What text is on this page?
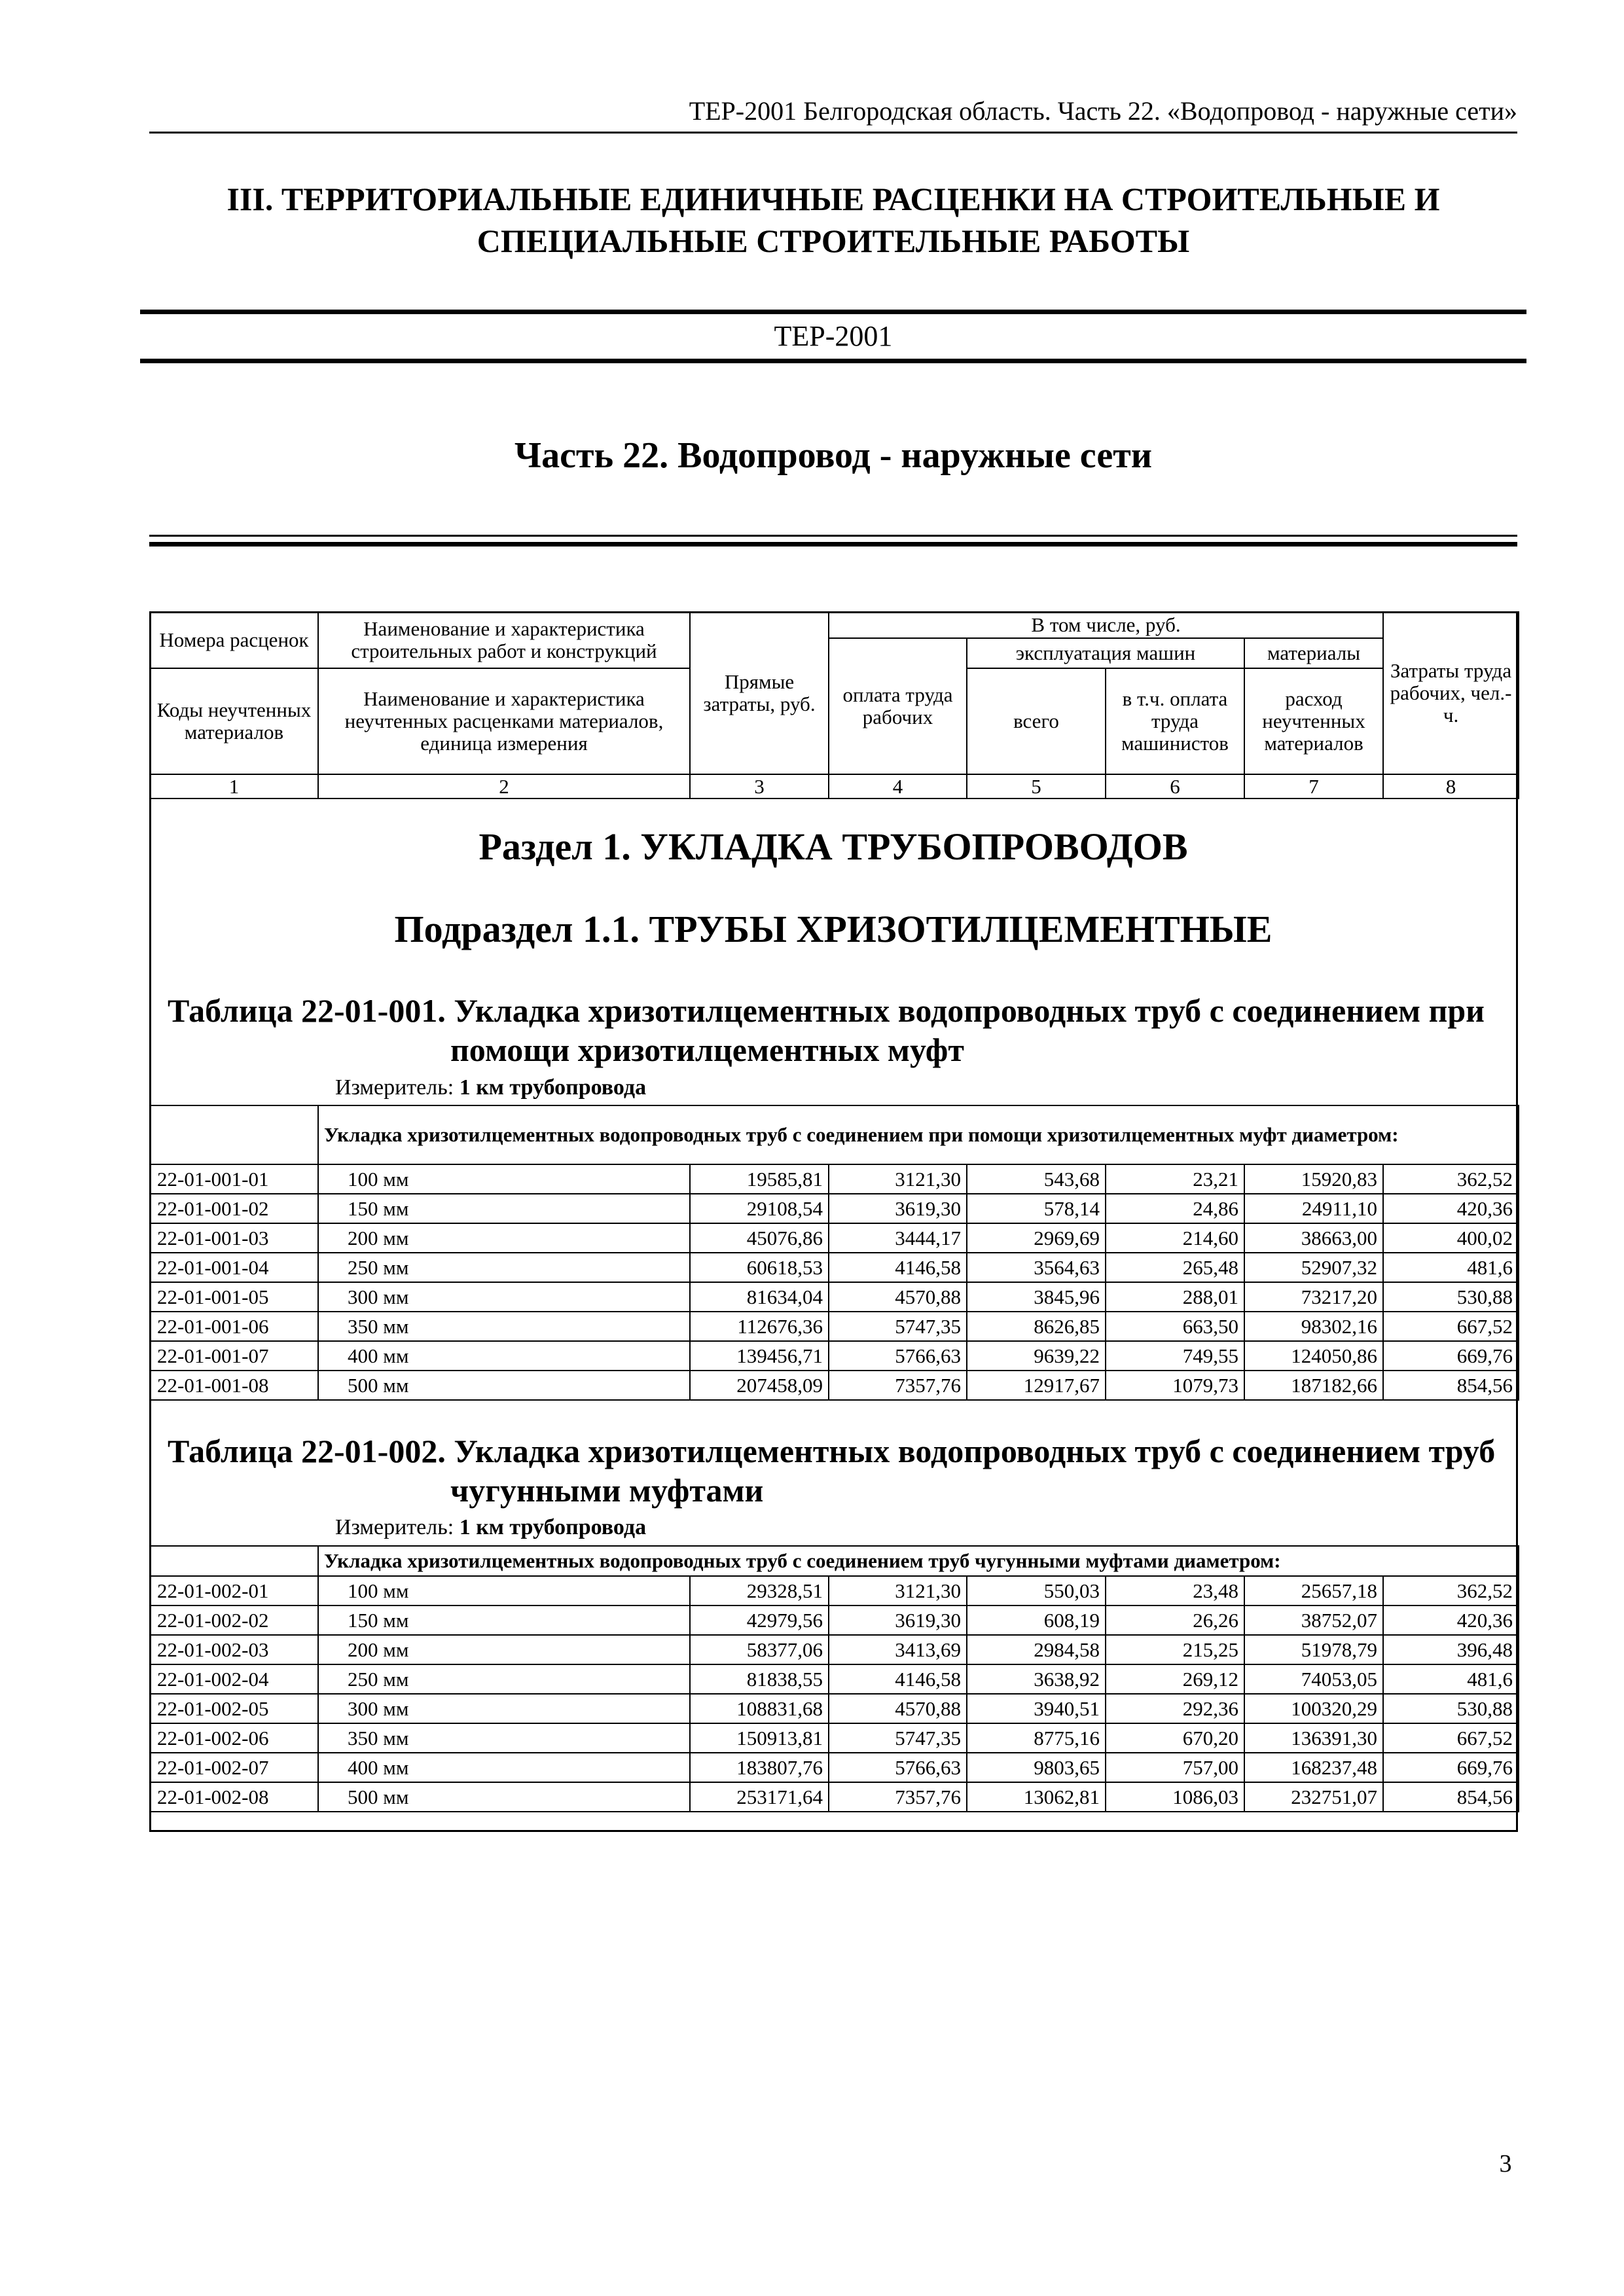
ТЕР-2001 Белгородская область. Часть 22. «Водопровод - наружные сети»
III. ТЕРРИТОРИАЛЬНЫЕ ЕДИНИЧНЫЕ РАСЦЕНКИ НА СТРОИТЕЛЬНЫЕ И
СПЕЦИАЛЬНЫЕ СТРОИТЕЛЬНЫЕ РАБОТЫ
ТЕР-2001
Часть 22. Водопровод - наружные сети
Номера расценок	Наименование и характеристика строительных работ и конструкций	Прямые затраты, руб.	В том числе, руб.				Затраты труда рабочих, чел.-ч.
			оплата труда рабочих	эксплуатация машин		материалы	
Коды неучтенных материалов	Наименование и характеристика неучтенных расценками материалов, единица измерения			всего	в т.ч. оплата труда машинистов	расход неучтенных материалов	
1	2	3	4	5	6	7	8
Раздел 1. УКЛАДКА ТРУБОПРОВОДОВ
Подраздел 1.1. ТРУБЫ ХРИЗОТИЛЦЕМЕНТНЫЕ
Таблица 22-01-001. Укладка хризотилцементных водопроводных труб с соединением при
помощи хризотилцементных муфт
Измеритель: 1 км трубопровода
	Укладка хризотилцементных водопроводных труб с соединением при помощи хризотилцементных муфт диаметром:						
22-01-001-01	100 мм	19585,81	3121,30	543,68	23,21	15920,83	362,52
22-01-001-02	150 мм	29108,54	3619,30	578,14	24,86	24911,10	420,36
22-01-001-03	200 мм	45076,86	3444,17	2969,69	214,60	38663,00	400,02
22-01-001-04	250 мм	60618,53	4146,58	3564,63	265,48	52907,32	481,6
22-01-001-05	300 мм	81634,04	4570,88	3845,96	288,01	73217,20	530,88
22-01-001-06	350 мм	112676,36	5747,35	8626,85	663,50	98302,16	667,52
22-01-001-07	400 мм	139456,71	5766,63	9639,22	749,55	124050,86	669,76
22-01-001-08	500 мм	207458,09	7357,76	12917,67	1079,73	187182,66	854,56
Таблица 22-01-002. Укладка хризотилцементных водопроводных труб с соединением труб
чугунными муфтами
Измеритель: 1 км трубопровода
	Укладка хризотилцементных водопроводных труб с соединением труб чугунными муфтами диаметром:						
22-01-002-01	100 мм	29328,51	3121,30	550,03	23,48	25657,18	362,52
22-01-002-02	150 мм	42979,56	3619,30	608,19	26,26	38752,07	420,36
22-01-002-03	200 мм	58377,06	3413,69	2984,58	215,25	51978,79	396,48
22-01-002-04	250 мм	81838,55	4146,58	3638,92	269,12	74053,05	481,6
22-01-002-05	300 мм	108831,68	4570,88	3940,51	292,36	100320,29	530,88
22-01-002-06	350 мм	150913,81	5747,35	8775,16	670,20	136391,30	667,52
22-01-002-07	400 мм	183807,76	5766,63	9803,65	757,00	168237,48	669,76
22-01-002-08	500 мм	253171,64	7357,76	13062,81	1086,03	232751,07	854,56
3
